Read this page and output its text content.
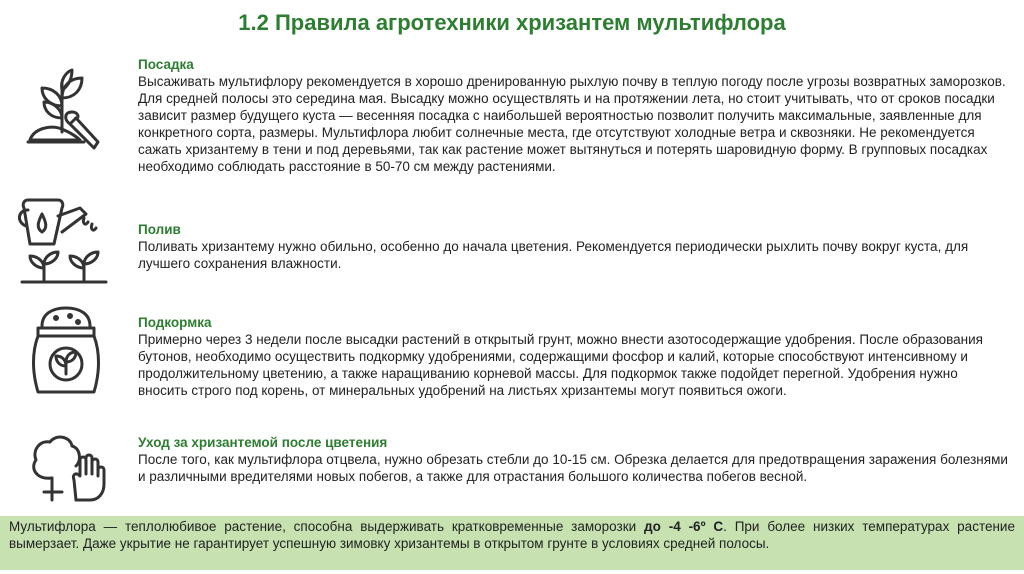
1.2 Правила агротехники хризантем мультифлора
Посадка
Высаживать мультифлору рекомендуется в хорошо дренированную рыхлую почву в теплую погоду после угрозы возвратных заморозков. Для средней полосы это середина мая. Высадку можно осуществлять и на протяжении лета, но стоит учитывать, что от сроков посадки зависит размер будущего куста — весенняя посадка с наибольшей вероятностью позволит получить максимальные, заявленные для конкретного сорта, размеры. Мультифлора любит солнечные места, где отсутствуют холодные ветра и сквозняки. Не рекомендуется сажать хризантему в тени и под деревьями, так как растение может вытянуться и потерять шаровидную форму. В групповых посадках необходимо соблюдать расстояние в 50-70 см между растениями.
Полив
Поливать хризантему нужно обильно, особенно до начала цветения. Рекомендуется периодически рыхлить почву вокруг куста, для лучшего сохранения влажности.
Подкормка
Примерно через 3 недели после высадки растений в открытый грунт, можно внести азотосодержащие удобрения. После образования бутонов, необходимо осуществить подкормку удобрениями, содержащими фосфор и калий, которые способствуют интенсивному и продолжительному цветению, а также наращиванию корневой массы. Для подкормок также подойдет перегной. Удобрения нужно вносить строго под корень, от минеральных удобрений на листьях хризантемы могут появиться ожоги.
Уход за хризантемой после цветения
После того, как мультифлора отцвела, нужно обрезать стебли до 10-15 см. Обрезка делается для предотвращения заражения болезнями и различными вредителями новых побегов, а также для отрастания большого количества побегов весной.
Мультифлора — теплолюбивое растение, способна выдерживать кратковременные заморозки до -4 -6º С. При более низких температурах растение вымерзает. Даже укрытие не гарантирует успешную зимовку хризантемы в открытом грунте в условиях средней полосы.
